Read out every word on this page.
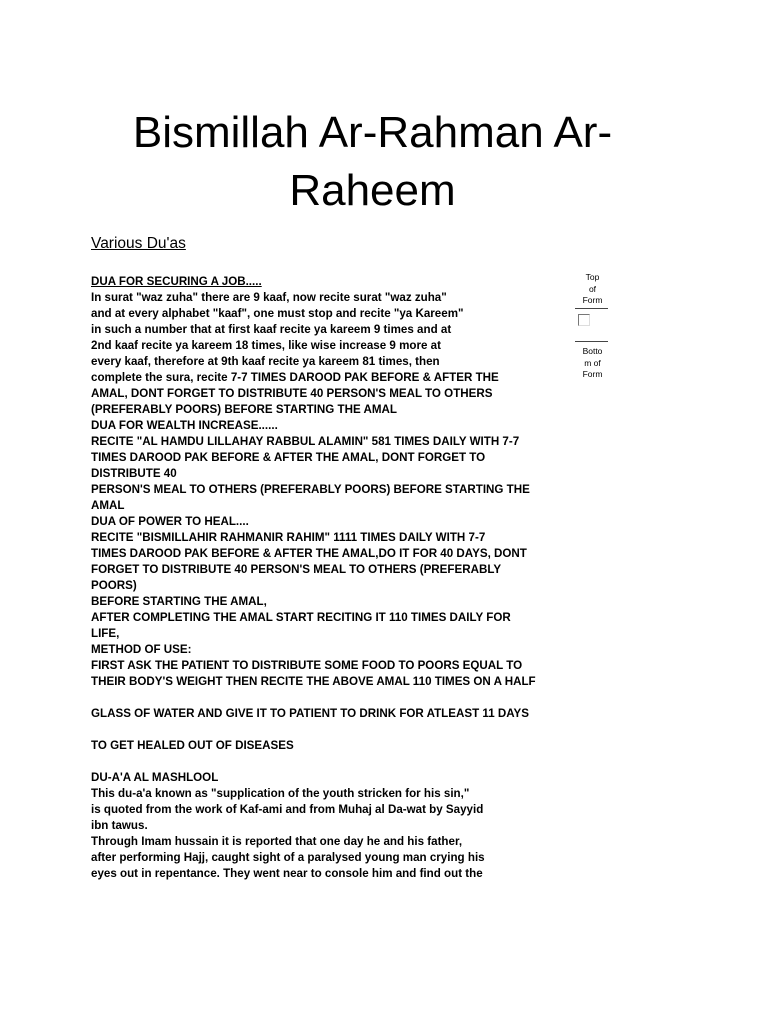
Bismillah Ar-Rahman Ar-Raheem

Various Du'as

DUA FOR SECURING A JOB.....
In surat "waz zuha" there are 9 kaaf, now recite surat "waz zuha"
and at every alphabet "kaaf", one must stop and recite "ya Kareem"
in such a number that at first kaaf recite ya kareem 9 times and at
2nd kaaf recite ya kareem 18 times, like wise increase 9 more at
every kaaf, therefore at 9th kaaf recite ya kareem 81 times, then
complete the sura, recite 7-7 TIMES DAROOD PAK BEFORE & AFTER THE
AMAL, DONT FORGET TO DISTRIBUTE 40 PERSON'S MEAL TO OTHERS
(PREFERABLY POORS) BEFORE STARTING THE AMAL
DUA FOR WEALTH INCREASE......
RECITE "AL HAMDU LILLAHAY RABBUL ALAMIN" 581 TIMES DAILY WITH 7-7
TIMES DAROOD PAK BEFORE & AFTER THE AMAL, DONT FORGET TO
DISTRIBUTE 40
PERSON'S MEAL TO OTHERS (PREFERABLY POORS) BEFORE STARTING THE
AMAL
DUA OF POWER TO HEAL....
RECITE "BISMILLAHIR RAHMANIR RAHIM" 1111 TIMES DAILY WITH 7-7
TIMES DAROOD PAK BEFORE & AFTER THE AMAL,DO IT FOR 40 DAYS, DONT
FORGET TO DISTRIBUTE 40 PERSON'S MEAL TO OTHERS (PREFERABLY
POORS)
BEFORE STARTING THE AMAL,
AFTER COMPLETING THE AMAL START RECITING IT 110 TIMES DAILY FOR
LIFE,
METHOD OF USE:
FIRST ASK THE PATIENT TO DISTRIBUTE SOME FOOD TO POORS EQUAL TO
THEIR BODY'S WEIGHT THEN RECITE THE ABOVE AMAL 110 TIMES ON A HALF
GLASS OF WATER AND GIVE IT TO PATIENT TO DRINK FOR ATLEAST 11 DAYS
TO GET HEALED OUT OF DISEASES
DU-A'A AL MASHLOOL
This du-a'a known as "supplication of the youth stricken for his sin,"
is quoted from the work of Kaf-ami and from Muhaj al Da-wat by Sayyid
ibn tawus.
Through Imam hussain it is reported that one day he and his father,
after performing Hajj, caught sight of a paralysed young man crying his
eyes out in repentance. They went near to console him and find out the
Top
of
Form
Botto
m of
Form
